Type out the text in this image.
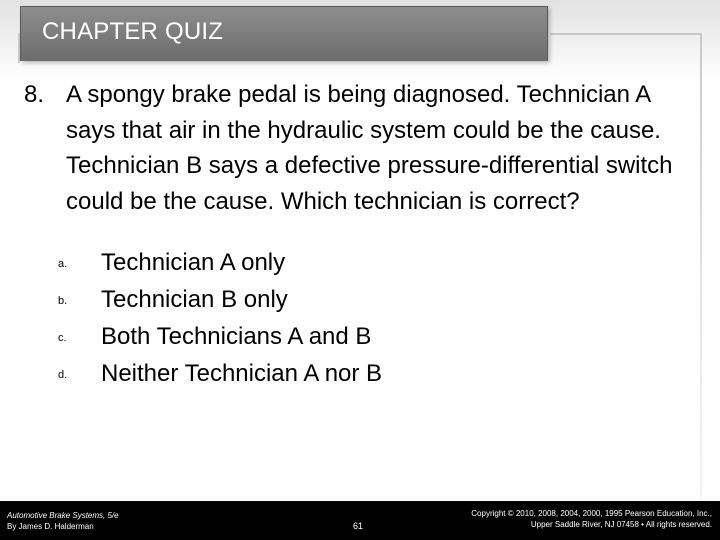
CHAPTER QUIZ
8. A spongy brake pedal is being diagnosed. Technician A says that air in the hydraulic system could be the cause. Technician B says a defective pressure-differential switch could be the cause. Which technician is correct?
a. Technician A only
b. Technician B only
c. Both Technicians A and B
d. Neither Technician A nor B
Automotive Brake Systems, 5/e
By James D. Halderman	61
Copyright © 2010, 2008, 2004, 2000, 1995 Pearson Education, Inc.,
Upper Saddle River, NJ 07458 • All rights reserved.
